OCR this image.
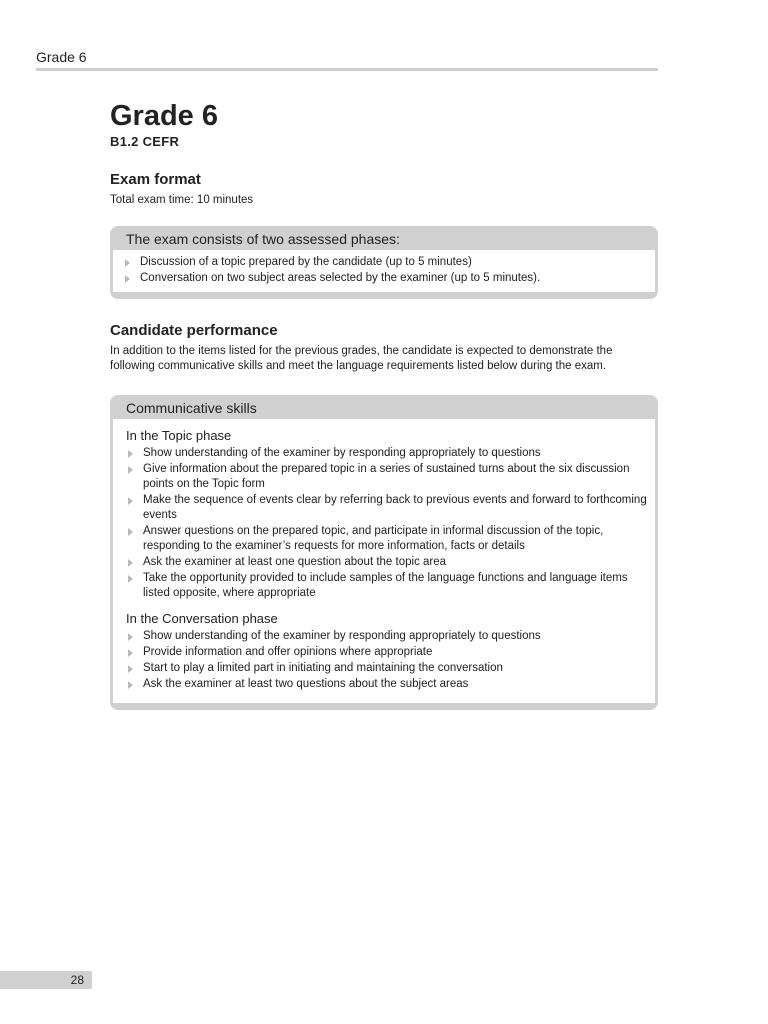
Grade 6
Grade 6
B1.2 CEFR
Exam format

Total exam time: 10 minutes

The exam consists of two assessed phases:
Discussion of a topic prepared by the candidate (up to 5 minutes)
Conversation on two subject areas selected by the examiner (up to 5 minutes).
Candidate performance

In addition to the items listed for the previous grades, the candidate is expected to demonstrate the following communicative skills and meet the language requirements listed below during the exam.

Communicative skills
In the Topic phase
Show understanding of the examiner by responding appropriately to questions
Give information about the prepared topic in a series of sustained turns about the six discussion points on the Topic form
Make the sequence of events clear by referring back to previous events and forward to forthcoming events
Answer questions on the prepared topic, and participate in informal discussion of the topic, responding to the examiner’s requests for more information, facts or details
Ask the examiner at least one question about the topic area
Take the opportunity provided to include samples of the language functions and language items listed opposite, where appropriate
In the Conversation phase
Show understanding of the examiner by responding appropriately to questions
Provide information and offer opinions where appropriate
Start to play a limited part in initiating and maintaining the conversation
Ask the examiner at least two questions about the subject areas
28
